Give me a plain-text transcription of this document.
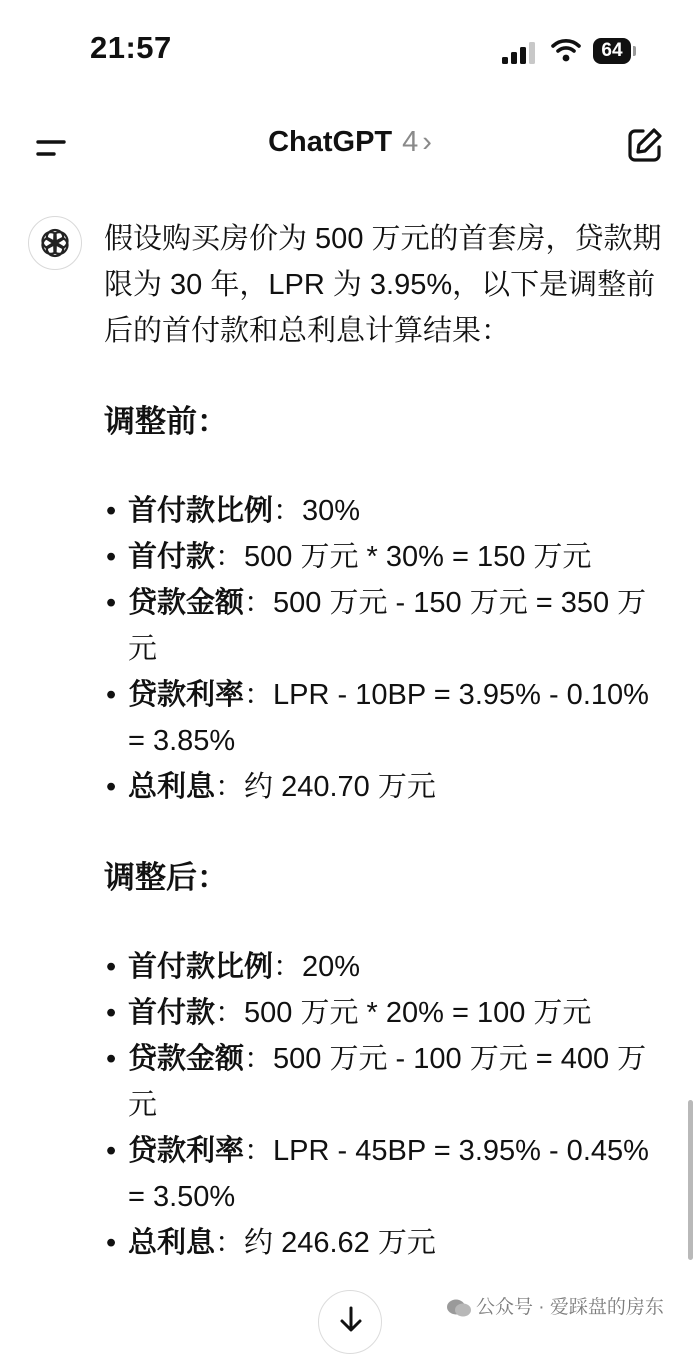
21:57	64
ChatGPT 4 ›

假设购买房价为 500 万元的首套房，贷款期限为 30 年，LPR 为 3.95%，以下是调整前后的首付款和总利息计算结果：

调整前：
• 首付款比例：30%
• 首付款：500 万元 * 30% = 150 万元
• 贷款金额：500 万元 - 150 万元 = 350 万元
• 贷款利率：LPR - 10BP = 3.95% - 0.10% = 3.85%
• 总利息：约 240.70 万元
调整后：
• 首付款比例：20%
• 首付款：500 万元 * 20% = 100 万元
• 贷款金额：500 万元 - 100 万元 = 400 万元
• 贷款利率：LPR - 45BP = 3.95% - 0.45% = 3.50%
• 总利息：约 246.62 万元
公众号 · 爱踩盘的房东
